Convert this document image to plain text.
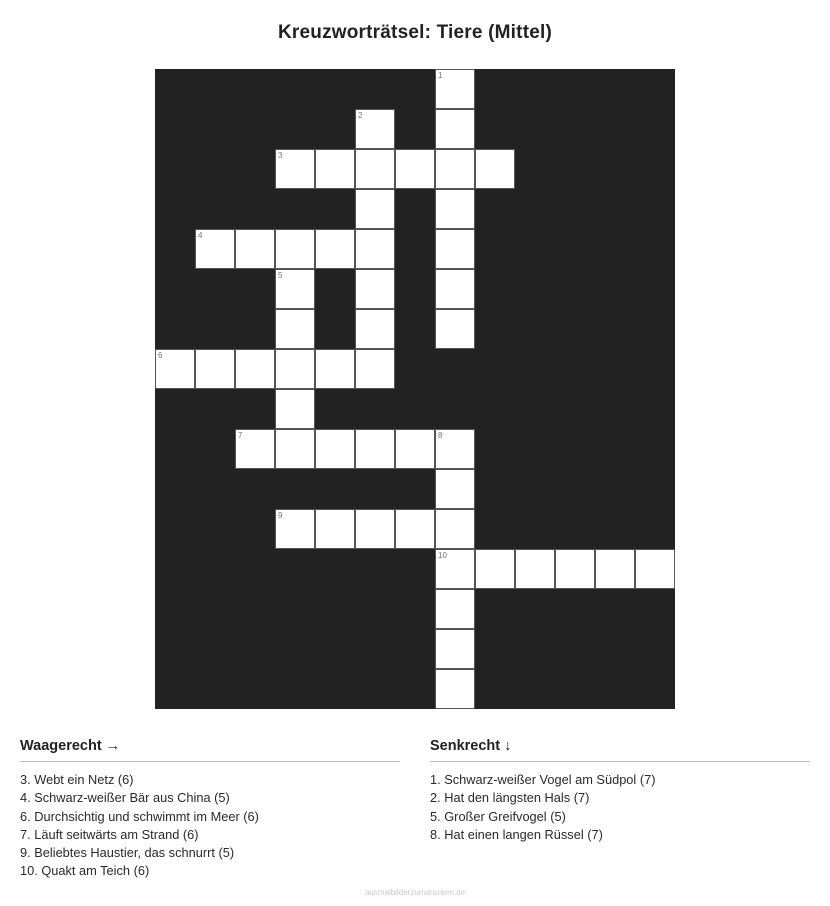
Kreuzworträtsel: Tiere (Mittel)
1
2
3
4
5
6
7	8
9
10
Waagerecht →
3. Webt ein Netz (6)
4. Schwarz-weißer Bär aus China (5)
6. Durchsichtig und schwimmt im Meer (6)
7. Läuft seitwärts am Strand (6)
9. Beliebtes Haustier, das schnurrt (5)
10. Quakt am Teich (6)
Senkrecht ↓
1. Schwarz-weißer Vogel am Südpol (7)
2. Hat den längsten Hals (7)
5. Großer Greifvogel (5)
8. Hat einen langen Rüssel (7)
ausmalbilderzumdrucken.de
